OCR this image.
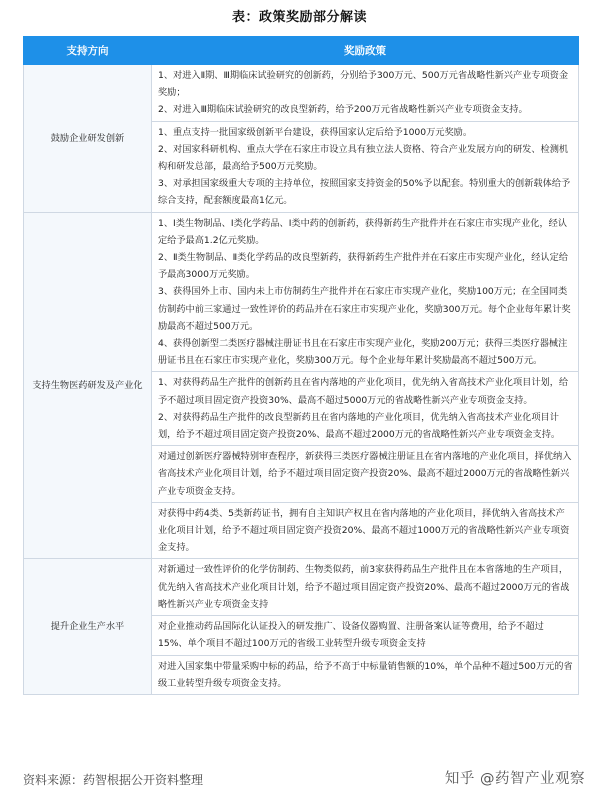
表：政策奖励部分解读
支持方向	奖励政策
鼓励企业研发创新	1、对进入Ⅱ期、Ⅲ期临床试验研究的创新药，分别给予300万元、500万元省战略性新兴产业专项资金奖励；
2、对进入Ⅲ期临床试验研究的改良型新药，给予200万元省战略性新兴产业专项资金支持。

	1、重点支持一批国家级创新平台建设，获得国家认定后给予1000万元奖励。
2、对国家科研机构、重点大学在石家庄市设立具有独立法人资格、符合产业发展方向的研发、检测机构和研发总部，最高给予500万元奖励。
3、对承担国家级重大专项的主持单位，按照国家支持资金的50%予以配套。特别重大的创新载体给予综合支持，配套额度最高1亿元。

支持生物医药研发及产业化	1、Ⅰ类生物制品、Ⅰ类化学药品、Ⅰ类中药的创新药，获得新药生产批件并在石家庄市实现产业化，经认定给予最高1.2亿元奖励。
2、Ⅱ类生物制品、Ⅱ类化学药品的改良型新药，获得新药生产批件并在石家庄市实现产业化，经认定给予最高3000万元奖励。
3、获得国外上市、国内未上市仿制药生产批件并在石家庄市实现产业化，奖励100万元；在全国同类仿制药中前三家通过一致性评价的药品并在石家庄市实现产业化，奖励300万元。每个企业每年累计奖励最高不超过500万元。
4、获得创新型二类医疗器械注册证书且在石家庄市实现产业化，奖励200万元；获得三类医疗器械注册证书且在石家庄市实现产业化，奖励300万元。每个企业每年累计奖励最高不超过500万元。

	1、对获得药品生产批件的创新药且在省内落地的产业化项目，优先纳入省高技术产业化项目计划，给予不超过项目固定资产投资30%、最高不超过5000万元的省战略性新兴产业专项资金支持。
2、对获得药品生产批件的改良型新药且在省内落地的产业化项目，优先纳入省高技术产业化项目计划，给予不超过项目固定资产投资20%、最高不超过2000万元的省战略性新兴产业专项资金支持。

	对通过创新医疗器械特别审查程序，新获得三类医疗器械注册证且在省内落地的产业化项目，择优纳入省高技术产业化项目计划，给予不超过项目固定资产投资20%、最高不超过2000万元的省战略性新兴产业专项资金支持。

	对获得中药4类、5类新药证书，拥有自主知识产权且在省内落地的产业化项目，择优纳入省高技术产业化项目计划，给予不超过项目固定资产投资20%、最高不超过1000万元的省战略性新兴产业专项资金支持。

提升企业生产水平	对新通过一致性评价的化学仿制药、生物类似药，前3家获得药品生产批件且在本省落地的生产项目，优先纳入省高技术产业化项目计划，给予不超过项目固定资产投资20%、最高不超过2000万元的省战略性新兴产业专项资金支持

	对企业推动药品国际化认证投入的研发推广、设备仪器购置、注册备案认证等费用，给予不超过15%、单个项目不超过100万元的省级工业转型升级专项资金支持

	对进入国家集中带量采购中标的药品，给予不高于中标量销售额的10%，单个品种不超过500万元的省级工业转型升级专项资金支持。
资料来源：药智根据公开资料整理	知乎 @药智产业观察
